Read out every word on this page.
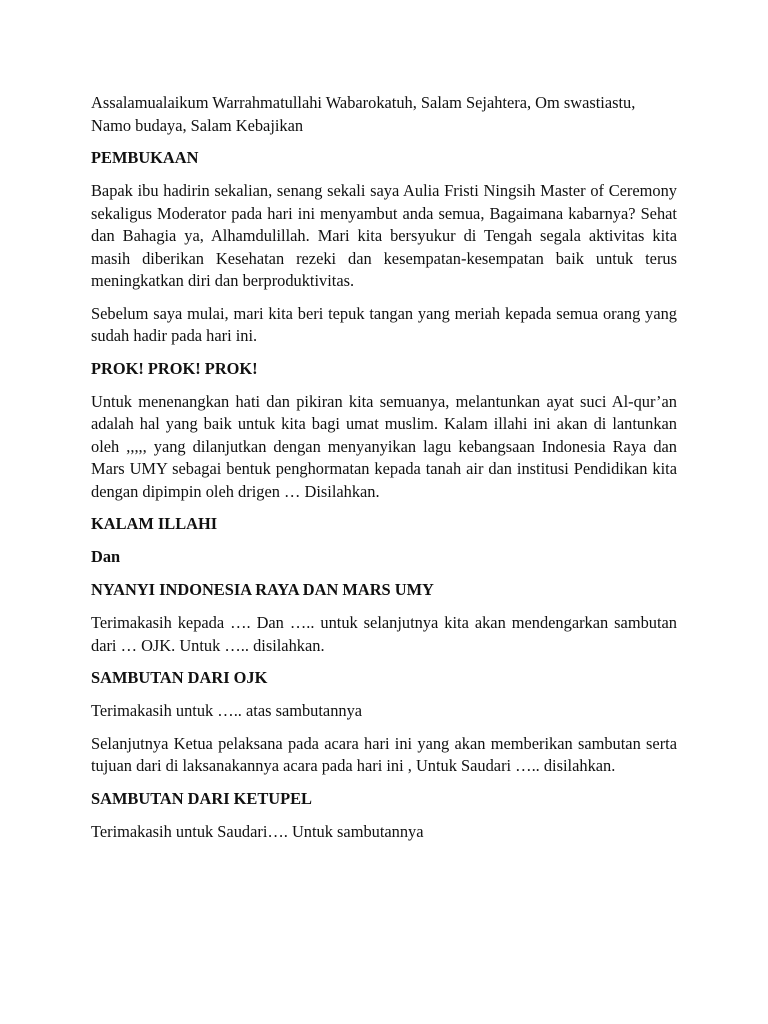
Assalamualaikum Warrahmatullahi Wabarokatuh, Salam Sejahtera, Om swastiastu, Namo budaya, Salam Kebajikan

PEMBUKAAN

Bapak ibu hadirin sekalian, senang sekali saya Aulia Fristi Ningsih Master of Ceremony sekaligus Moderator pada hari ini menyambut anda semua, Bagaimana kabarnya? Sehat dan Bahagia ya, Alhamdulillah. Mari kita bersyukur di Tengah segala aktivitas kita masih diberikan Kesehatan rezeki dan kesempatan-kesempatan baik untuk terus meningkatkan diri dan berproduktivitas.

Sebelum saya mulai, mari kita beri tepuk tangan yang meriah kepada semua orang yang sudah hadir pada hari ini.

PROK! PROK! PROK!

Untuk menenangkan hati dan pikiran kita semuanya, melantunkan ayat suci Al-qur’an adalah hal yang baik untuk kita bagi umat muslim. Kalam illahi ini akan di lantunkan oleh ,,,,, yang dilanjutkan dengan menyanyikan lagu kebangsaan Indonesia Raya dan Mars UMY sebagai bentuk penghormatan kepada tanah air dan institusi Pendidikan kita dengan dipimpin oleh drigen … Disilahkan.

KALAM ILLAHI

Dan

NYANYI INDONESIA RAYA DAN MARS UMY

Terimakasih kepada …. Dan ….. untuk selanjutnya kita akan mendengarkan sambutan dari … OJK. Untuk ….. disilahkan.

SAMBUTAN DARI OJK

Terimakasih untuk ….. atas sambutannya

Selanjutnya Ketua pelaksana pada acara hari ini yang akan memberikan sambutan serta tujuan dari di laksanakannya acara pada hari ini , Untuk Saudari ….. disilahkan.

SAMBUTAN DARI KETUPEL

Terimakasih untuk Saudari…. Untuk sambutannya
